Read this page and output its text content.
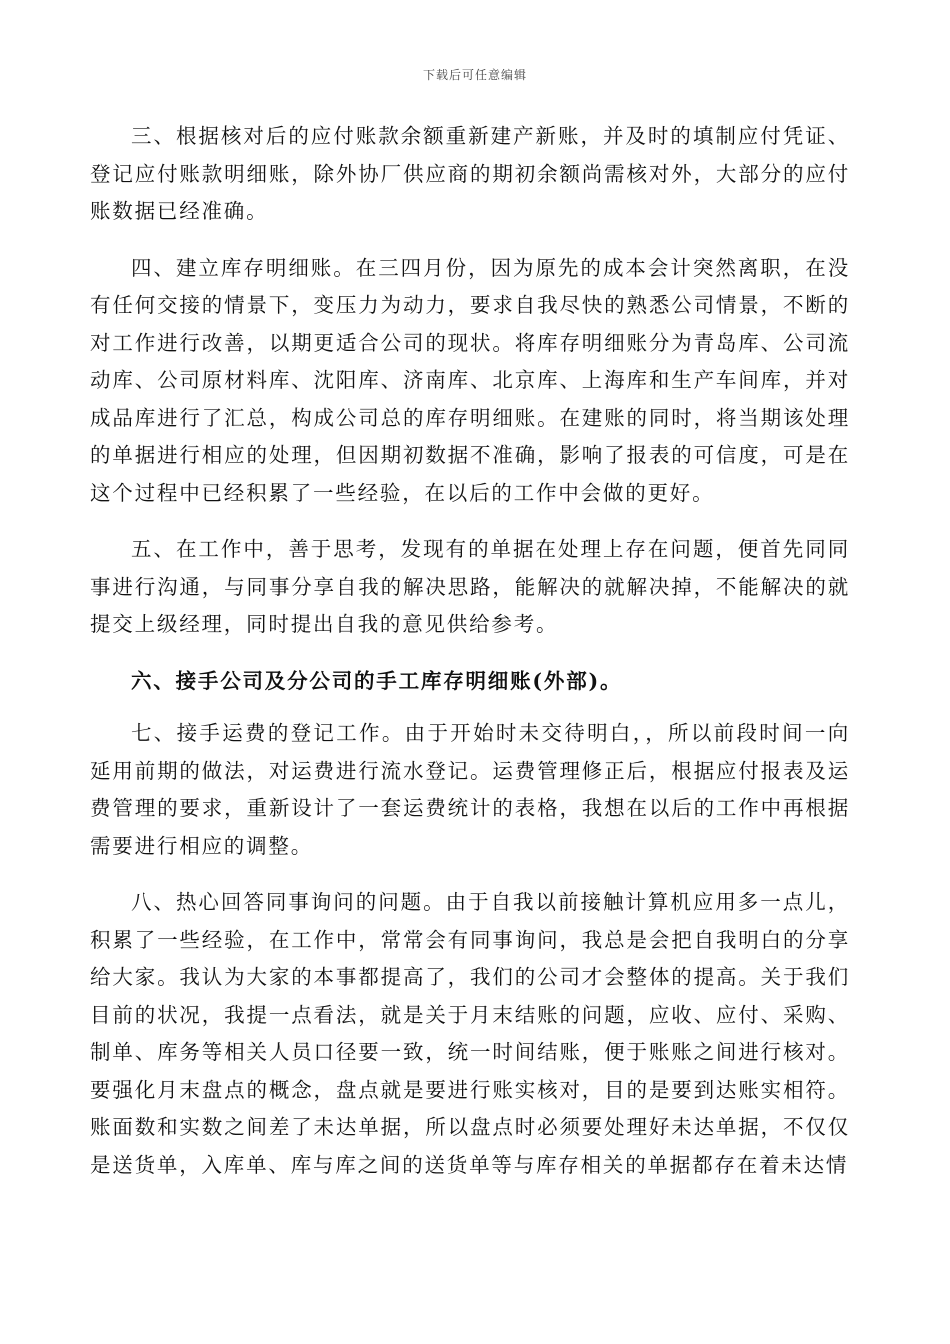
下载后可任意编辑

三、根据核对后的应付账款余额重新建产新账，并及时的填制应付凭证、登记应付账款明细账，除外协厂供应商的期初余额尚需核对外，大部分的应付账数据已经准确。

四、建立库存明细账。在三四月份，因为原先的成本会计突然离职，在没有任何交接的情景下，变压力为动力，要求自我尽快的熟悉公司情景，不断的对工作进行改善，以期更适合公司的现状。将库存明细账分为青岛库、公司流动库、公司原材料库、沈阳库、济南库、北京库、上海库和生产车间库，并对成品库进行了汇总，构成公司总的库存明细账。在建账的同时，将当期该处理的单据进行相应的处理，但因期初数据不准确，影响了报表的可信度，可是在这个过程中已经积累了一些经验，在以后的工作中会做的更好。

五、在工作中，善于思考，发现有的单据在处理上存在问题，便首先同同事进行沟通，与同事分享自我的解决思路，能解决的就解决掉，不能解决的就提交上级经理，同时提出自我的意见供给参考。

六、接手公司及分公司的手工库存明细账(外部)。

七、接手运费的登记工作。由于开始时未交待明白，，所以前段时间一向延用前期的做法，对运费进行流水登记。运费管理修正后，根据应付报表及运费管理的要求，重新设计了一套运费统计的表格，我想在以后的工作中再根据需要进行相应的调整。

八、热心回答同事询问的问题。由于自我以前接触计算机应用多一点儿，积累了一些经验，在工作中，常常会有同事询问，我总是会把自我明白的分享给大家。我认为大家的本事都提高了，我们的公司才会整体的提高。关于我们目前的状况，我提一点看法，就是关于月末结账的问题，应收、应付、采购、制单、库务等相关人员口径要一致，统一时间结账，便于账账之间进行核对。要强化月末盘点的概念，盘点就是要进行账实核对，目的是要到达账实相符。账面数和实数之间差了未达单据，所以盘点时必须要处理好未达单据，不仅仅是送货单，入库单、库与库之间的送货单等与库存相关的单据都存在着未达情
